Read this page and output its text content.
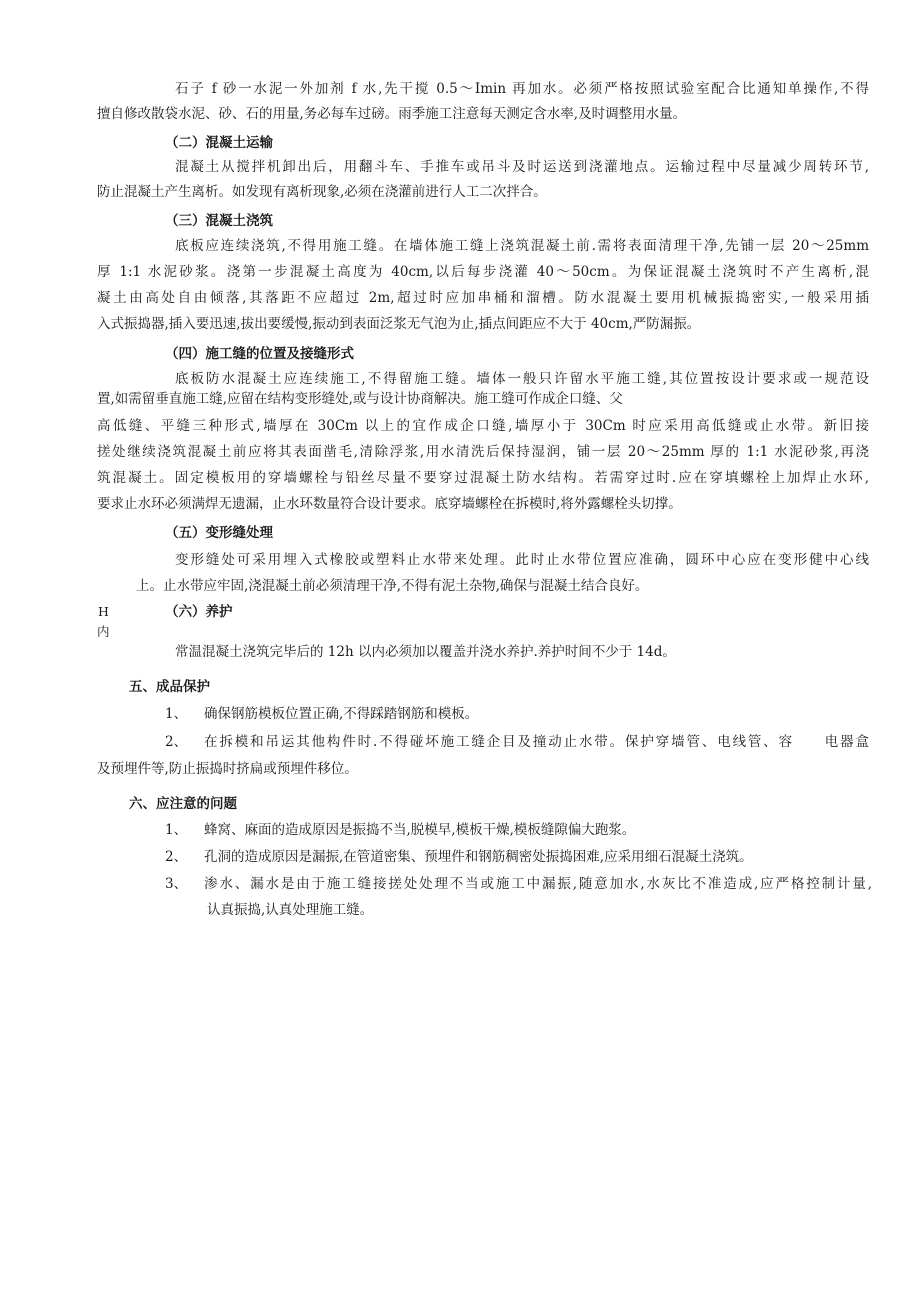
石子 f 砂一水泥一外加剂 f 水,先干搅 0.5～Imin 再加水。必须严格按照试验室配合比通知单操作,不得
擅自修改散袋水泥、砂、石的用量,务必每车过磅。雨季施工注意每天测定含水率,及时调整用水量。
（二）混凝土运输
混凝土从搅拌机卸出后，用翻斗车、手推车或吊斗及时运送到浇灌地点。运输过程中尽量减少周转环节,
防止混凝土产生离析。如发现有离析现象,必须在浇灌前进行人工二次拌合。
（三）混凝土浇筑
底板应连续浇筑,不得用施工缝。在墙体施工缝上浇筑混凝土前.需将表面清理干净,先铺一层 20～25mm
厚 1:1 水泥砂浆。浇第一步混凝土高度为 40cm,以后每步浇灌 40～50cm。为保证混凝土浇筑时不产生离析,混
凝土由高处自由倾落,其落距不应超过 2m,超过时应加串桶和溜槽。防水混凝土要用机械振捣密实,一般采用插
入式振捣器,插入要迅速,拔出要缓慢,振动到表面泛浆无气泡为止,插点间距应不大于 40cm,严防漏振。
（四）施工缝的位置及接缝形式
底板防水混凝土应连续施工,不得留施工缝。墙体一般只许留水平施工缝,其位置按设计要求或一规范设
置,如需留垂直施工缝,应留在结构变形缝处,或与设计协商解决。施工缝可作成企口缝、父
高低缝、平缝三种形式,墙厚在 30Cm 以上的宜作成企口缝,墙厚小于 30Cm 时应采用高低缝或止水带。新旧接
搓处继续浇筑混凝土前应将其表面凿毛,清除浮浆,用水清洗后保持湿润，铺一层 20～25mm 厚的 1:1 水泥砂浆,再浇
筑混凝土。固定模板用的穿墙螺栓与铅丝尽量不要穿过混凝土防水结构。若需穿过时.应在穿填螺栓上加焊止水环,
要求止水环必须满焊无遗漏，止水环数量符合设计要求。底穿墙螺栓在拆模时,将外露螺栓头切撑。
（五）变形缝处理
变形缝处可采用埋入式橡胶或塑料止水带来处理。此时止水带位置应准确，圆环中心应在变形健中心线
上。止水带应牢固,浇混凝土前必须清理干净,不得有泥土杂物,确保与混凝土结合良好。
H
内
（六）养护
常温混凝土浇筑完毕后的 12h 以内必须加以覆盖并浇水养护.养护时间不少于 14d。
五、成品保护
1、 确保钢筋模板位置正确,不得踩踏钢筋和模板。
2、 在拆模和吊运其他构件时.不得碰坏施工缝企目及撞动止水带。保护穿墙管、电线管、容　　电器盒
及预埋件等,防止振捣时挤扁或预埋件移位。
六、应注意的问题
1、 蜂窝、麻面的造成原因是振捣不当,脱模早,模板干燥,模板缝隙偏大跑浆。
2、 孔洞的造成原因是漏振,在管道密集、预埋件和钢筋稠密处振捣困难,应采用细石混凝土浇筑。
3、 渗水、漏水是由于施工缝接搓处处理不当或施工中漏振,随意加水,水灰比不准造成,应严格控制计量,
认真振捣,认真处理施工缝。
